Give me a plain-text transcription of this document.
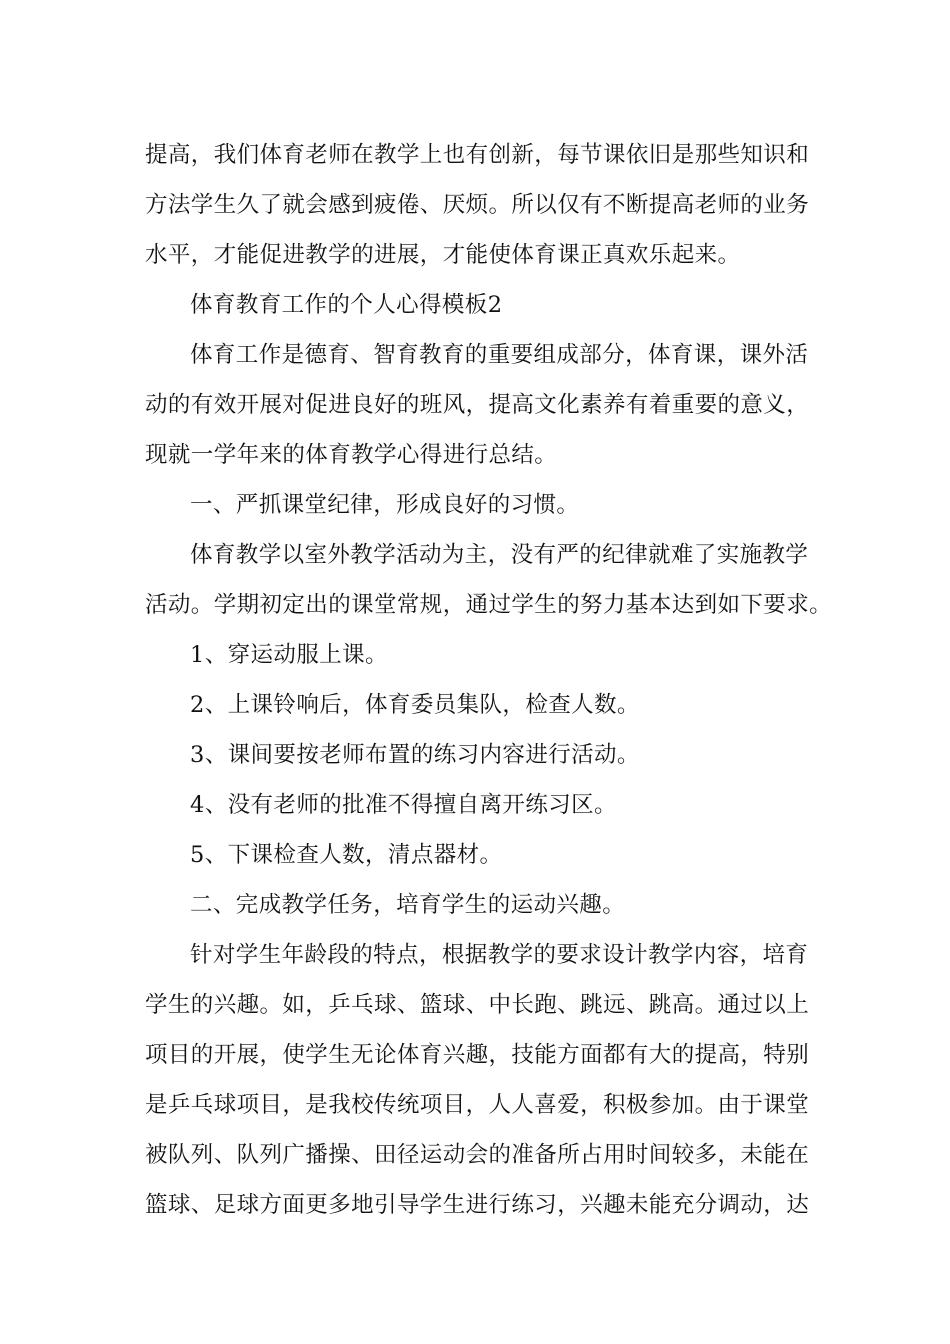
提高，我们体育老师在教学上也有创新，每节课依旧是那些知识和
方法学生久了就会感到疲倦、厌烦。所以仅有不断提高老师的业务
水平，才能促进教学的进展，才能使体育课正真欢乐起来。
体育教育工作的个人心得模板2
体育工作是德育、智育教育的重要组成部分，体育课，课外活
动的有效开展对促进良好的班风，提高文化素养有着重要的意义，
现就一学年来的体育教学心得进行总结。
一、严抓课堂纪律，形成良好的习惯。
体育教学以室外教学活动为主，没有严的纪律就难了实施教学
活动。学期初定出的课堂常规，通过学生的努力基本达到如下要求。
1、穿运动服上课。
2、上课铃响后，体育委员集队，检查人数。
3、课间要按老师布置的练习内容进行活动。
4、没有老师的批准不得擅自离开练习区。
5、下课检查人数，清点器材。
二、完成教学任务，培育学生的运动兴趣。
针对学生年龄段的特点，根据教学的要求设计教学内容，培育
学生的兴趣。如，乒乓球、篮球、中长跑、跳远、跳高。通过以上
项目的开展，使学生无论体育兴趣，技能方面都有大的提高，特别
是乒乓球项目，是我校传统项目，人人喜爱，积极参加。由于课堂
被队列、队列广播操、田径运动会的准备所占用时间较多，未能在
篮球、足球方面更多地引导学生进行练习，兴趣未能充分调动，达
